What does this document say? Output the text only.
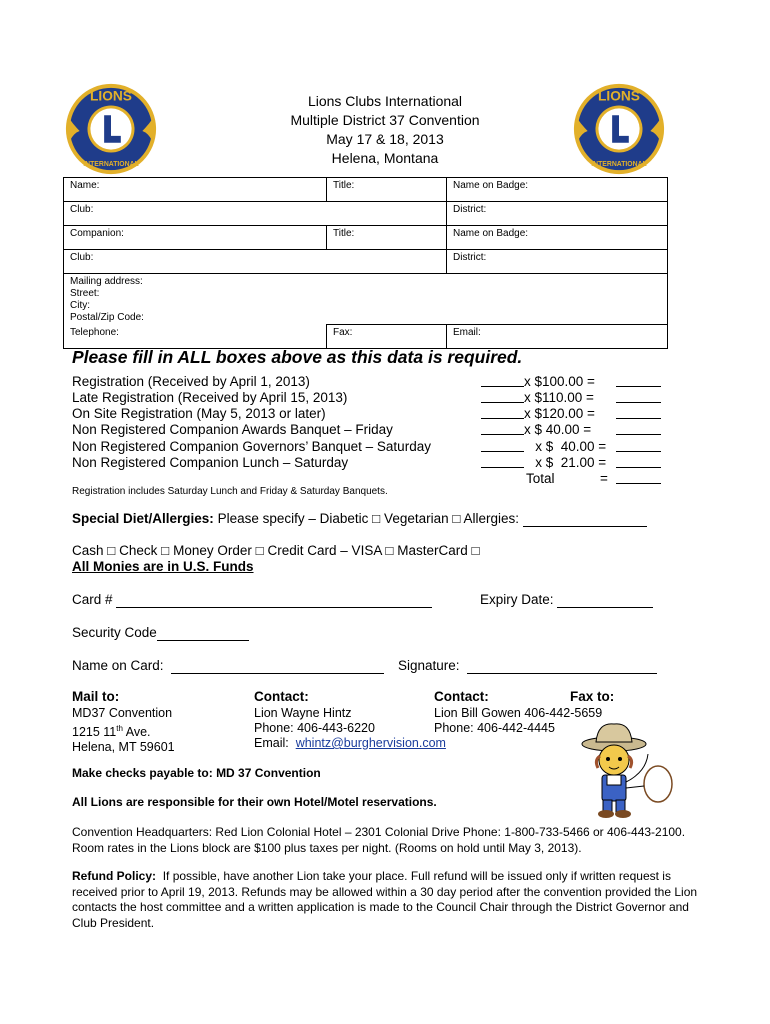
LIONS
INTERNATIONAL
LIONS
INTERNATIONAL
Lions Clubs International
Multiple District 37 Convention
May 17 & 18, 2013
Helena, Montana
Name:	Title:	Name on Badge:
Club:		District:
Companion:	Title:	Name on Badge:
Club:		District:

Mailing address:
Street:
City:
Postal/Zip Code:		

Telephone:	Fax:	Email:
Please fill in ALL boxes above as this data is required.
Registration (Received by April 1, 2013)	x $100.00 =
Late Registration (Received by April 15, 2013)	x $110.00 =
On Site Registration (May 5, 2013 or later)	x $120.00 =
Non Registered Companion Awards Banquet – Friday	x $ 40.00 =
Non Registered Companion Governors’ Banquet – Saturday	x $  40.00 =
Non Registered Companion Lunch – Saturday	x $  21.00 =
Total	=
Registration includes Saturday Lunch and Friday & Saturday Banquets.
Special Diet/Allergies: Please specify – Diabetic □ Vegetarian □ Allergies:
Cash □ Check □ Money Order □ Credit Card – VISA □ MasterCard □
All Monies are in U.S. Funds
Card #	Expiry Date:
Security Code
Name on Card:	Signature:
Mail to:
MD37 Convention
1215 11th Ave.
Helena, MT 59601
Contact:
Lion Wayne Hintz
Phone: 406-443-6220
Email: whintz@burghervision.com
Contact:	Fax to:
Lion Bill Gowen 406-442-5659
Phone: 406-442-4445
Make checks payable to: MD 37 Convention
All Lions are responsible for their own Hotel/Motel reservations.
Convention Headquarters: Red Lion Colonial Hotel – 2301 Colonial Drive Phone: 1-800-733-5466 or 406-443-2100. Room rates in the Lions block are $100 plus taxes per night. (Rooms on hold until May 3, 2013).
Refund Policy: If possible, have another Lion take your place. Full refund will be issued only if written request is received prior to April 19, 2013. Refunds may be allowed within a 30 day period after the convention provided the Lion contacts the host committee and a written application is made to the Council Chair through the District Governor and Club President.
